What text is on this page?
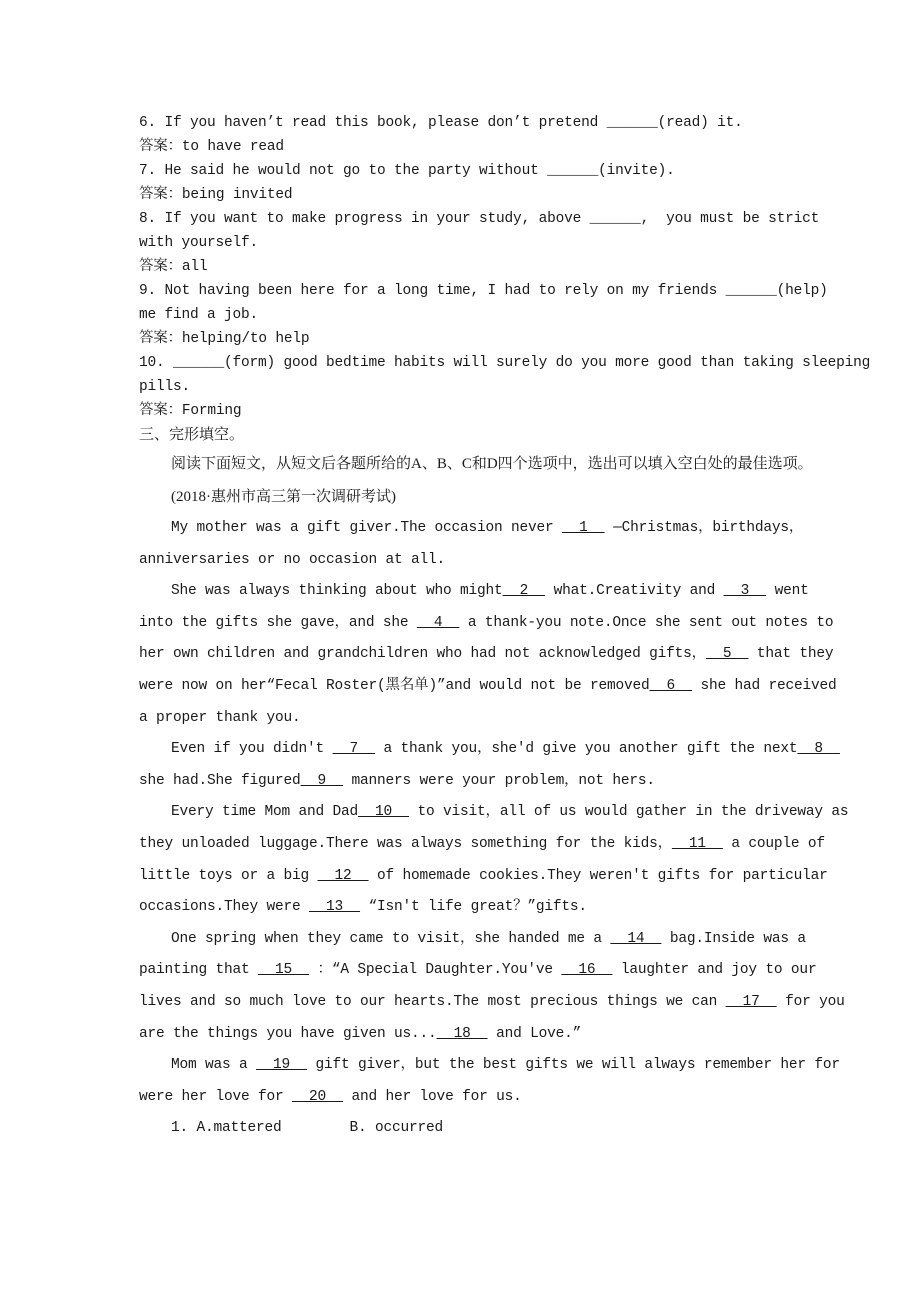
6. If you haven’t read this book, please don’t pretend ______(read) it.
答案：to have read
7. He said he would not go to the party without ______(invite).
答案：being invited
8. If you want to make progress in your study, above ______,  you must be strict
with yourself.
答案：all
9. Not having been here for a long time, I had to rely on my friends ______(help)
me find a job.
答案：helping/to help
10. ______(form) good bedtime habits will surely do you more good than taking sleeping
pills.
答案：Forming
三、完形填空。
阅读下面短文，从短文后各题所给的A、B、C和D四个选项中，选出可以填入空白处的最佳选项。
(2018·惠州市高三第一次调研考试)

My mother was a gift giver.The occasion never   1   —Christmas，birthdays，anniversaries or no occasion at all.

She was always thinking about who might  2   what.Creativity and   3   went into the gifts she gave，and she   4   a thank-you note.Once she sent out notes to her own children and grandchildren who had not acknowledged gifts，  5   that they were now on her“Fecal Roster(黑名单)”and would not be removed  6   she had received a proper thank you.

Even if you didn't   7   a thank you，she'd give you another gift the next  8   she had.She figured  9   manners were your problem，not hers.

Every time Mom and Dad  10   to visit，all of us would gather in the driveway as they unloaded luggage.There was always something for the kids，  11   a couple of little toys or a big   12   of homemade cookies.They weren't gifts for particular occasions.They were   13   “Isn't life great？”gifts.

One spring when they came to visit，she handed me a   14   bag.Inside was a painting that   15   ：“A Special Daughter.You've   16   laughter and joy to our lives and so much love to our hearts.The most precious things we can   17   for you are the things you have given us...  18   and Love.”

Mom was a   19   gift giver，but the best gifts we will always remember her for were her love for   20   and her love for us.

1. A.mattered        B. occurred
